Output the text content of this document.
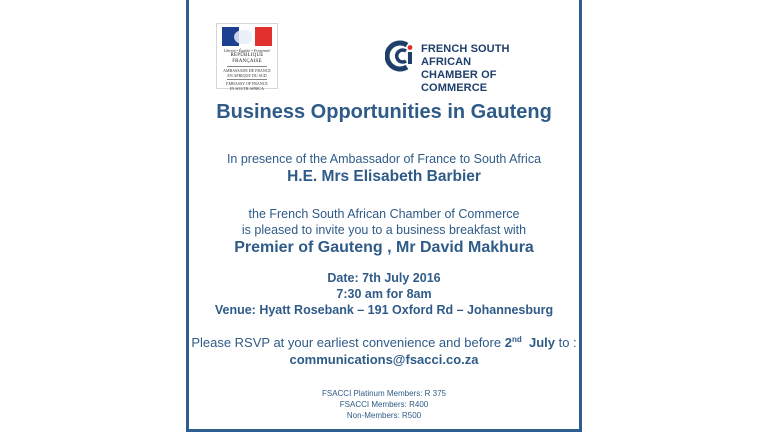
Liberté • Égalité • Fraternité
RÉPUBLIQUE FRANÇAISE
AMBASSADE DE FRANCE
EN AFRIQUE DU SUD
EMBASSY OF FRANCE
IN SOUTH AFRICA
FRENCH SOUTH AFRICAN
CHAMBER OF COMMERCE
Business Opportunities in Gauteng
In presence of the Ambassador of France to South Africa
H.E. Mrs Elisabeth Barbier
the French South African Chamber of Commerce
is pleased to invite you to a business breakfast with
Premier of Gauteng , Mr David Makhura
Date: 7th July 2016
7:30 am for 8am
Venue: Hyatt Rosebank – 191 Oxford Rd – Johannesburg
Please RSVP at your earliest convenience and before 2nd July to :
communications@fsacci.co.za
FSACCI Platinum Members: R 375
FSACCI Members: R400
Non-Members: R500
